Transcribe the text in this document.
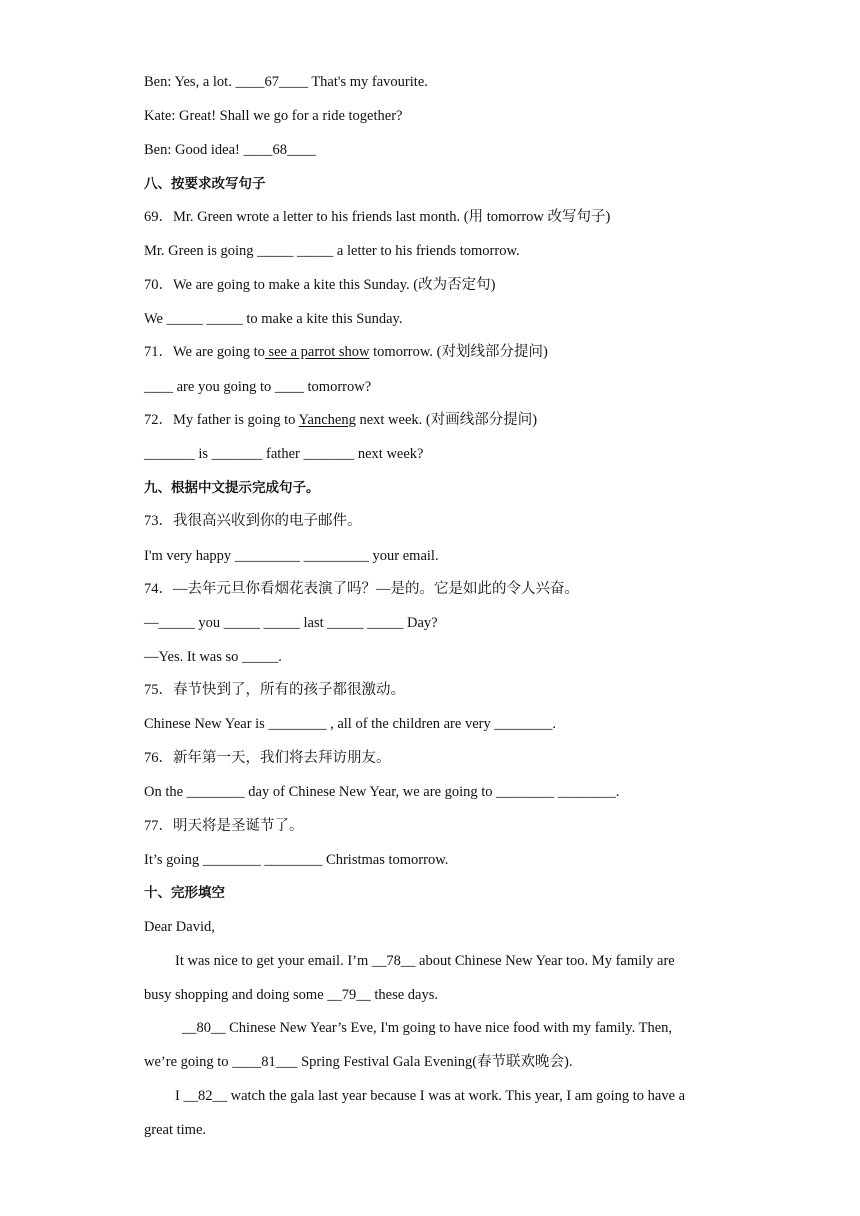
Ben: Yes, a lot. ____67____ That's my favourite.
Kate: Great! Shall we go for a ride together?
Ben: Good idea! ____68____
八、按要求改写句子
69．Mr. Green wrote a letter to his friends last month. (用 tomorrow 改写句子)
Mr. Green is going _____ _____ a letter to his friends tomorrow.
70．We are going to make a kite this Sunday. (改为否定句)
We _____ _____ to make a kite this Sunday.
71．We are going to see a parrot show tomorrow. (对划线部分提问)
____ are you going to ____ tomorrow?
72．My father is going to Yancheng next week. (对画线部分提问)
_______ is _______ father _______ next week?
九、根据中文提示完成句子。
73．我很高兴收到你的电子邮件。
I'm very happy _________ _________ your email.
74．—去年元旦你看烟花表演了吗？—是的。它是如此的令人兴奋。
—_____ you _____ _____ last _____ _____ Day?
—Yes. It was so _____.
75．春节快到了，所有的孩子都很激动。
Chinese New Year is ________ , all of the children are very ________.
76．新年第一天，我们将去拜访朋友。
On the ________ day of Chinese New Year, we are going to ________ ________.
77．明天将是圣诞节了。
It’s going ________ ________ Christmas tomorrow.
十、完形填空
Dear David,
It was nice to get your email. I’m __78__ about Chinese New Year too. My family are
busy shopping and doing some __79__ these days.
__80__ Chinese New Year’s Eve, I'm going to have nice food with my family. Then,
we’re going to ____81___ Spring Festival Gala Evening(春节联欢晚会).
I __82__ watch the gala last year because I was at work. This year, I am going to have a
great time.
